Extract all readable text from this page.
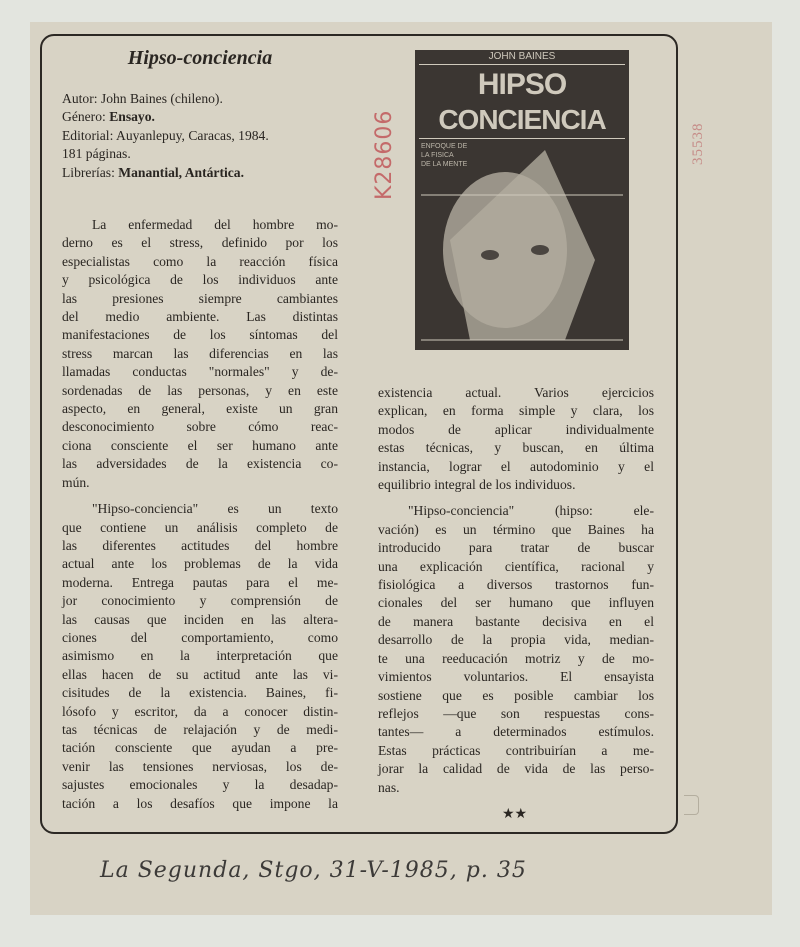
Hipso-conciencia
Autor: John Baines (chileno).
Género: Ensayo.
Editorial: Auyanlepuy, Caracas, 1984.
181 páginas.
Librerías: Manantial, Antártica.
La enfermedad del hombre mo-
derno es el stress, definido por los
especialistas como la reacción física
y psicológica de los individuos ante
las presiones siempre cambiantes
del medio ambiente. Las distintas
manifestaciones de los síntomas del
stress marcan las diferencias en las
llamadas conductas "normales" y de-
sordenadas de las personas, y en este
aspecto, en general, existe un gran
desconocimiento sobre cómo reac-
ciona consciente el ser humano ante
las adversidades de la existencia co-
mún.
"Hipso-conciencia" es un texto
que contiene un análisis completo de
las diferentes actitudes del hombre
actual ante los problemas de la vida
moderna. Entrega pautas para el me-
jor conocimiento y comprensión de
las causas que inciden en las altera-
ciones del comportamiento, como
asimismo en la interpretación que
ellas hacen de su actitud ante las vi-
cisitudes de la existencia. Baines, fi-
lósofo y escritor, da a conocer distin-
tas técnicas de relajación y de medi-
tación consciente que ayudan a pre-
venir las tensiones nerviosas, los de-
sajustes emocionales y la desadap-
tación a los desafíos que impone la
existencia actual. Varios ejercicios
explican, en forma simple y clara, los
modos de aplicar individualmente
estas técnicas, y buscan, en última
instancia, lograr el autodominio y el
equilibrio integral de los individuos.
"Hipso-conciencia" (hipso: ele-
vación) es un término que Baines ha
introducido para tratar de buscar
una explicación científica, racional y
fisiológica a diversos trastornos fun-
cionales del ser humano que influyen
de manera bastante decisiva en el
desarrollo de la propia vida, median-
te una reeducación motriz y de mo-
vimientos voluntarios. El ensayista
sostiene que es posible cambiar los
reflejos —que son respuestas cons-
tantes— a determinados estímulos.
Estas prácticas contribuirían a me-
jorar la calidad de vida de las perso-
nas.
JOHN BAINES
HIPSO
CONCIENCIA
ENFOQUE DE
LA FISICA
DE LA MENTE
K28606	35538
★★
La Segunda, Stgo, 31-V-1985, p. 35
